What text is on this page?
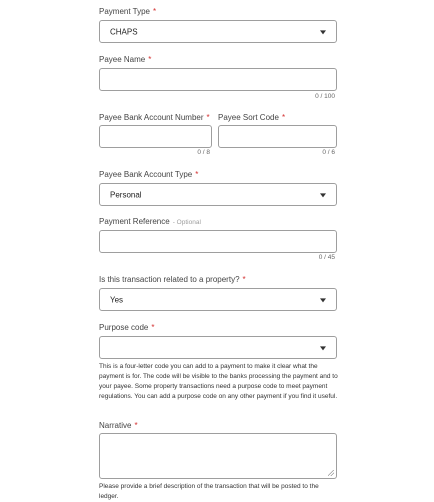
Payment Type *
CHAPS
Payee Name *
0 / 100
Payee Bank Account Number * Payee Sort Code *
0 / 8	0 / 6
Payee Bank Account Type *
Personal
Payment Reference - Optional
0 / 45
Is this transaction related to a property? *
Yes
Purpose code *
This is a four-letter code you can add to a payment to make it clear what the payment is for. The code will be visible to the banks processing the payment and to your payee. Some property transactions need a purpose code to meet payment regulations. You can add a purpose code on any other payment if you find it useful.
Narrative *
Please provide a brief description of the transaction that will be posted to the ledger.
